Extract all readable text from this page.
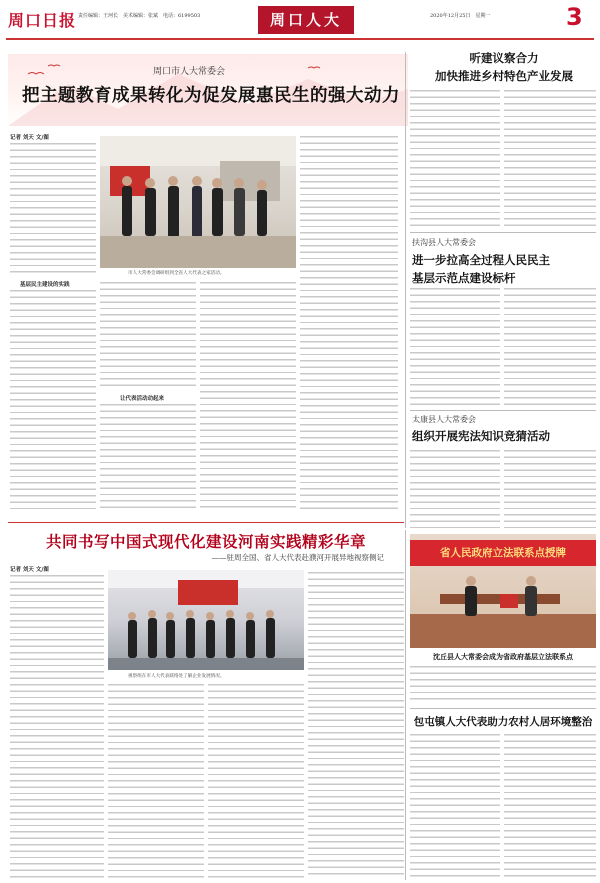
周口日报 责任编辑：王珂长　美术编辑：张斌　电话：6199503	周口人大	2020年12月25日　星期一	3
周口市人大常委会
把主题教育成果转化为促发展惠民生的强大动力
记者 刘天 文/图
基层民主建设的实践
市人大常委会调研组到全省人大代表之家活动。
让代表活动动起来
听建议察合力
加快推进乡村特色产业发展
扶沟县人大常委会
进一步拉高全过程人民民主
基层示范点建设标杆
太康县人大常委会
组织开展宪法知识竞猜活动
共同书写中国式现代化建设河南实践精彩华章
——驻周全国、省人大代表赴濮河开展异地视察侧记
记者 刘天 文/图
视察组在市人大代表联络处了解企业发展情况。
省人民政府立法联系点授牌
沈丘县人大常委会成为省政府基层立法联系点
包屯镇人大代表助力农村人居环境整治
